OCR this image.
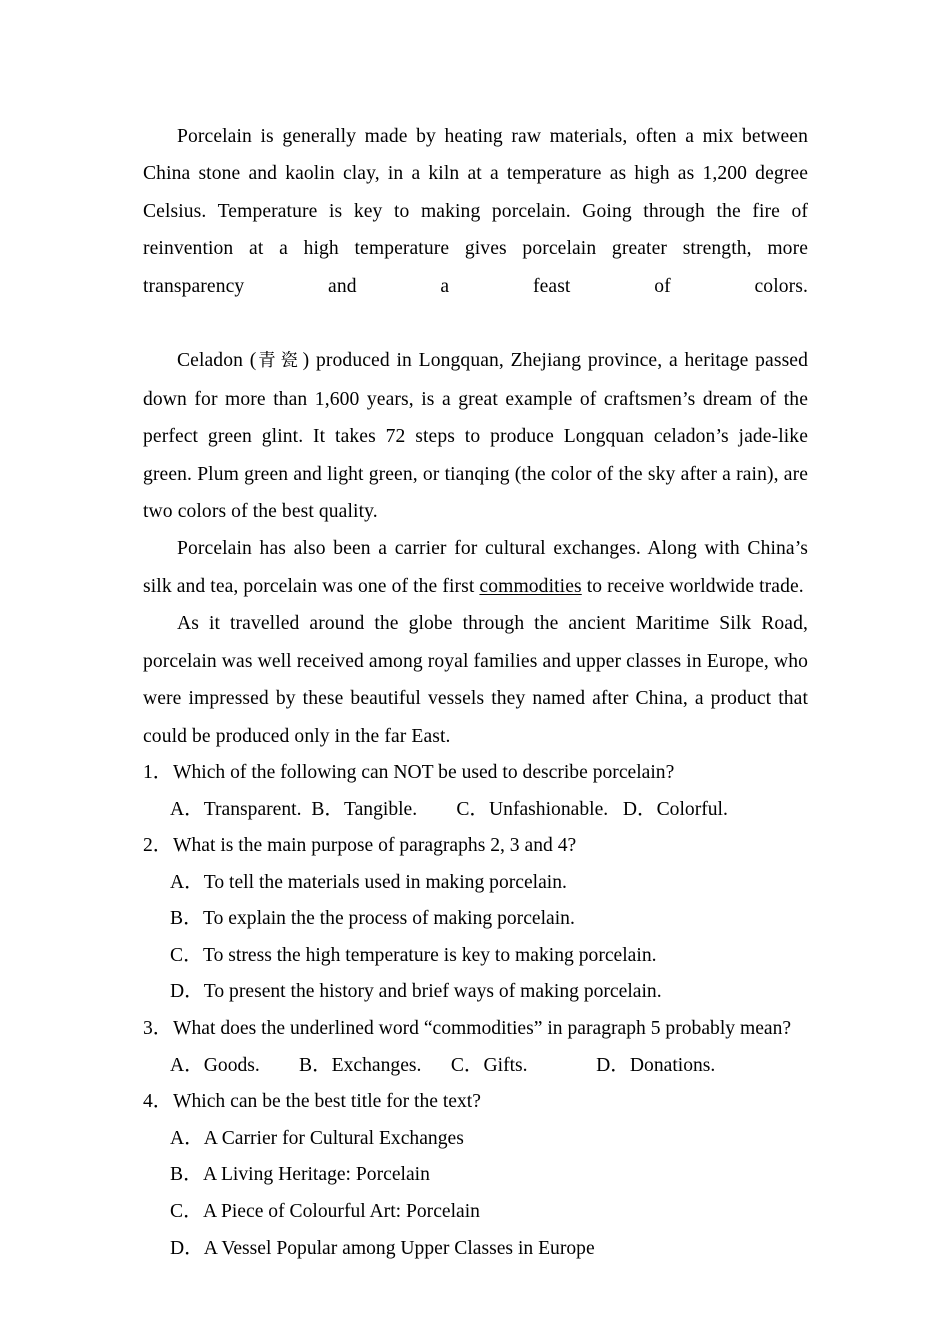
Porcelain is generally made by heating raw materials, often a mix between China stone and kaolin clay, in a kiln at a temperature as high as 1,200 degree Celsius. Temperature is key to making porcelain. Going through the fire of reinvention at a high temperature gives porcelain greater strength, more transparency and a feast of colors.

Celadon (青瓷) produced in Longquan, Zhejiang province, a heritage passed down for more than 1,600 years, is a great example of craftsmen’s dream of the perfect green glint. It takes 72 steps to produce Longquan celadon’s jade-like green. Plum green and light green, or tianqing (the color of the sky after a rain), are two colors of the best quality.

Porcelain has also been a carrier for cultural exchanges. Along with China’s silk and tea, porcelain was one of the first commodities to receive worldwide trade.

As it travelled around the globe through the ancient Maritime Silk Road, porcelain was well received among royal families and upper classes in Europe, who were impressed by these beautiful vessels they named after China, a product that could be produced only in the far East.

1．Which of the following can NOT be used to describe porcelain?

A．Transparent.  B．Tangible.        C．Unfashionable.   D．Colorful.

2．What is the main purpose of paragraphs 2, 3 and 4?

A．To tell the materials used in making porcelain.

B．To explain the the process of making porcelain.

C．To stress the high temperature is key to making porcelain.

D．To present the history and brief ways of making porcelain.

3．What does the underlined word “commodities” in paragraph 5 probably mean?

A．Goods.        B．Exchanges.      C．Gifts.              D．Donations.

4．Which can be the best title for the text?

A．A Carrier for Cultural Exchanges

B．A Living Heritage: Porcelain

C．A Piece of Colourful Art: Porcelain

D．A Vessel Popular among Upper Classes in Europe
